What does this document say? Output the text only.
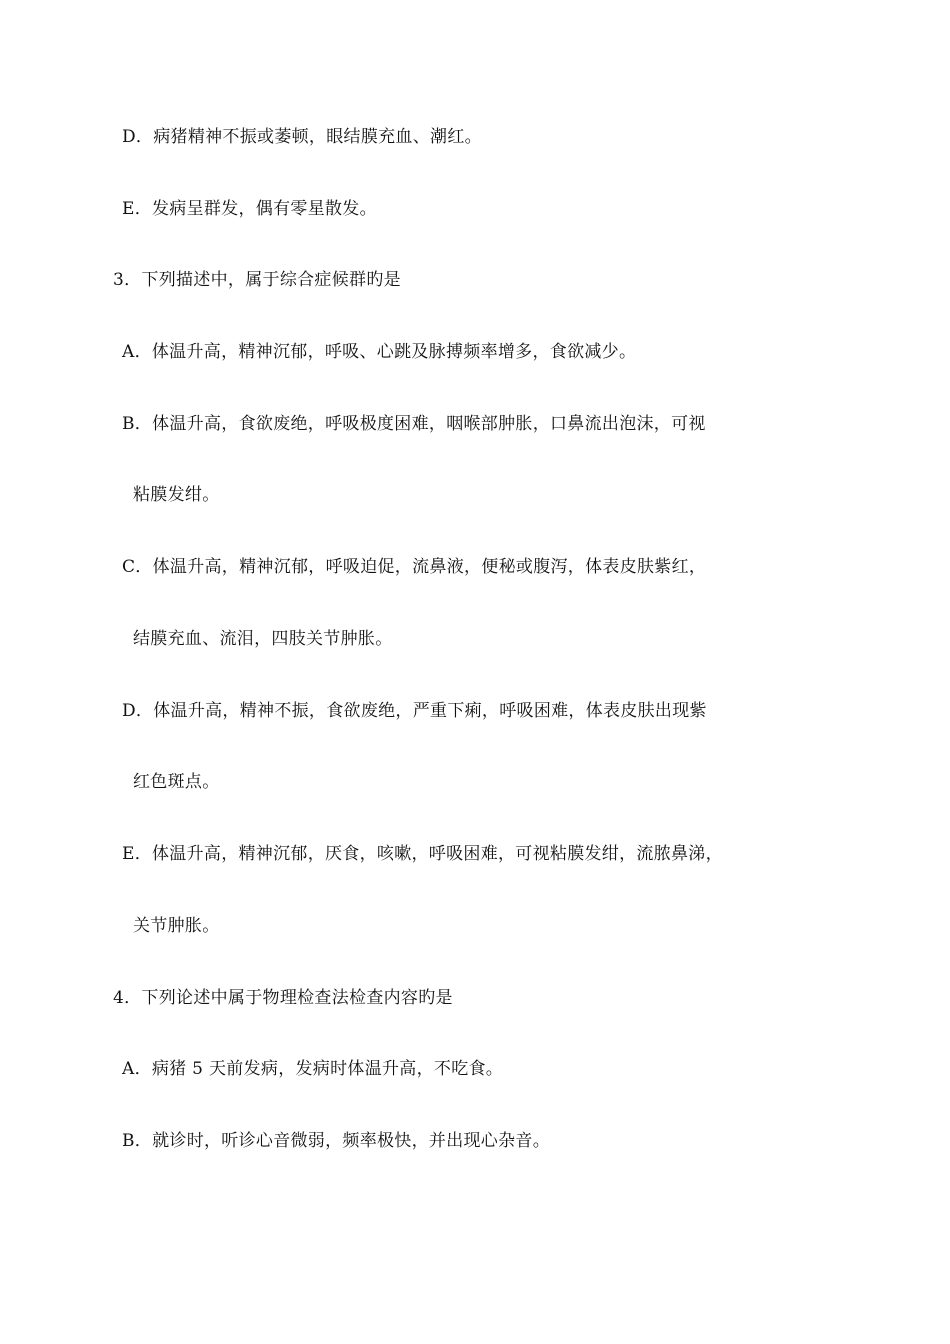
D．病猪精神不振或萎顿，眼结膜充血、潮红。
E．发病呈群发，偶有零星散发。
3．下列描述中，属于综合症候群旳是
A．体温升高，精神沉郁，呼吸、心跳及脉搏频率增多，食欲减少。
B．体温升高，食欲废绝，呼吸极度困难，咽喉部肿胀，口鼻流出泡沫，可视
粘膜发绀。
C．体温升高，精神沉郁，呼吸迫促，流鼻液，便秘或腹泻，体表皮肤紫红，
结膜充血、流泪，四肢关节肿胀。
D．体温升高，精神不振，食欲废绝，严重下痢，呼吸困难，体表皮肤出现紫
红色斑点。
E．体温升高，精神沉郁，厌食，咳嗽，呼吸困难，可视粘膜发绀，流脓鼻涕，
关节肿胀。
4．下列论述中属于物理检查法检查内容旳是
A．病猪 5 天前发病，发病时体温升高，不吃食。
B．就诊时，听诊心音微弱，频率极快，并出现心杂音。
